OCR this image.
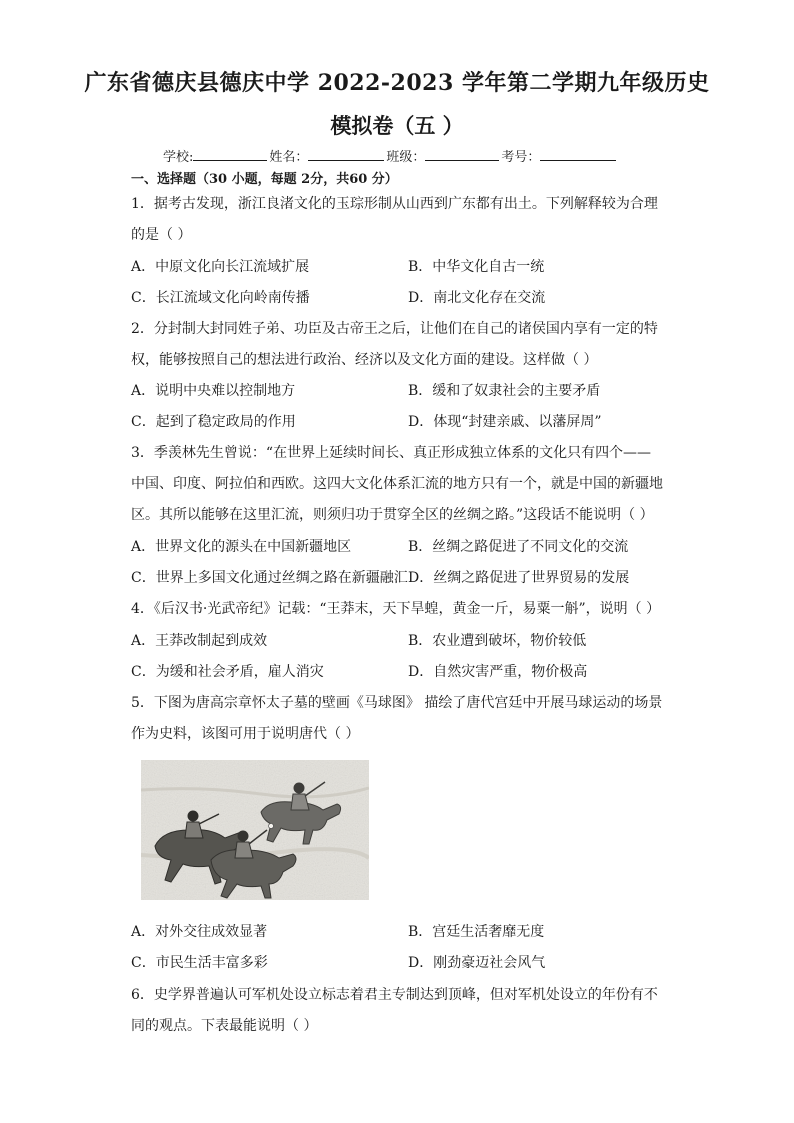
广东省德庆县德庆中学 2022-2023 学年第二学期九年级历史
模拟卷（五 ）
学校:	姓名：	班级：	考号：
一、选择题（30 小题，每题 2分，共60 分）
1．据考古发现，浙江良渚文化的玉琮形制从山西到广东都有出土。下列解释较为合理
的是（ ）
A．中原文化向长江流域扩展	B．中华文化自古一统
C．长江流域文化向岭南传播	D．南北文化存在交流
2．分封制大封同姓子弟、功臣及古帝王之后，让他们在自己的诸侯国内享有一定的特
权，能够按照自己的想法进行政治、经济以及文化方面的建设。这样做（ ）
A．说明中央难以控制地方	B．缓和了奴隶社会的主要矛盾
C．起到了稳定政局的作用	D．体现“封建亲戚、以藩屏周”
3．季羡林先生曾说：“在世界上延续时间长、真正形成独立体系的文化只有四个——
中国、印度、阿拉伯和西欧。这四大文化体系汇流的地方只有一个，就是中国的新疆地
区。其所以能够在这里汇流，则须归功于贯穿全区的丝绸之路。”这段话不能说明（ ）
A．世界文化的源头在中国新疆地区	B．丝绸之路促进了不同文化的交流
C．世界上多国文化通过丝绸之路在新疆融汇 D．丝绸之路促进了世界贸易的发展
4．《后汉书·光武帝纪》记载：“王莽末，天下旱蝗，黄金一斤，易粟一斛”，说明（ ）
A．王莽改制起到成效	B．农业遭到破坏，物价较低
C．为缓和社会矛盾，雇人消灾	D．自然灾害严重，物价极高
5．下图为唐高宗章怀太子墓的壁画《马球图》 描绘了唐代宫廷中开展马球运动的场景
作为史料，该图可用于说明唐代（ ）
A．对外交往成效显著	B．宫廷生活奢靡无度
C．市民生活丰富多彩	D．刚劲豪迈社会风气
6．史学界普遍认可军机处设立标志着君主专制达到顶峰，但对军机处设立的年份有不
同的观点。下表最能说明（ ）
